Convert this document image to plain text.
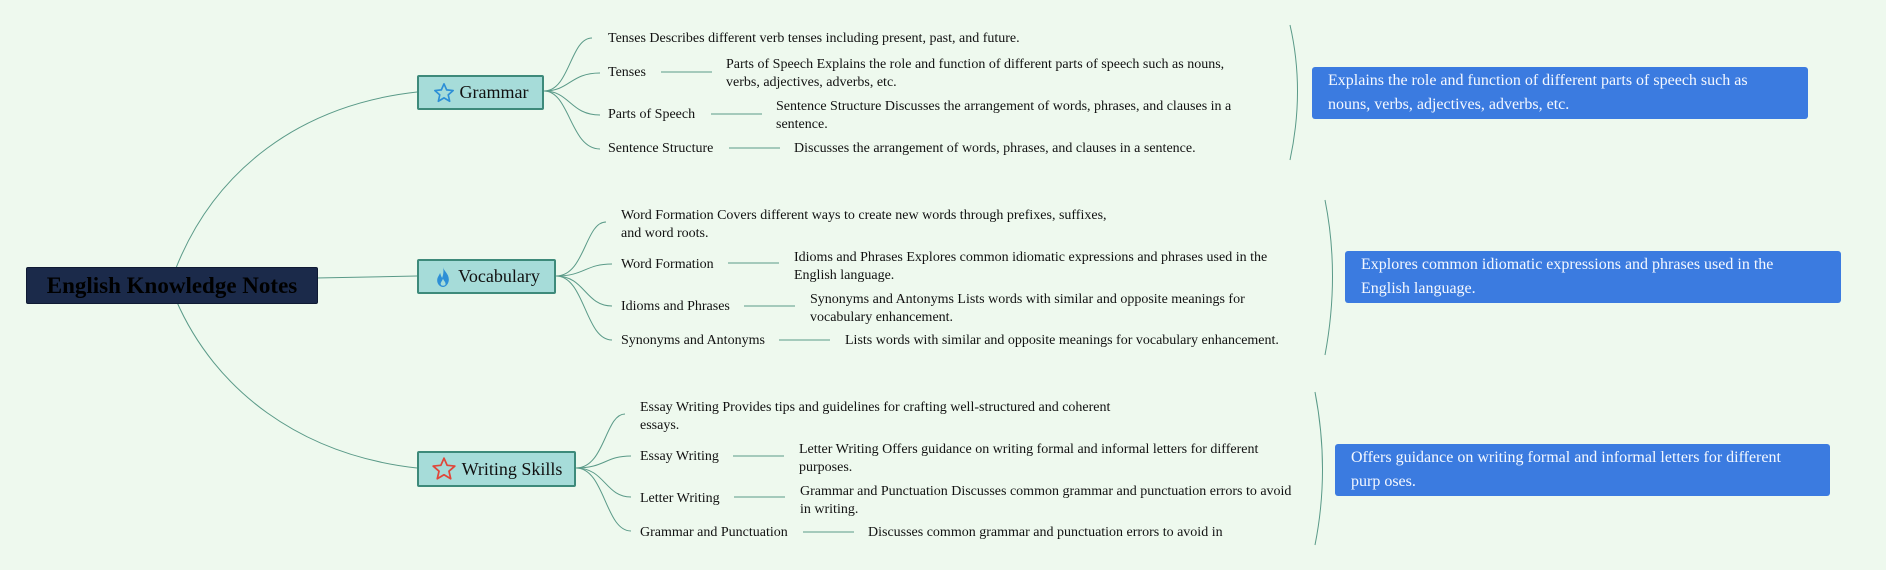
English Knowledge Notes
Grammar
Tenses Describes different verb tenses including present, past, and future.
Tenses
Parts of Speech Explains the role and function of different parts of speech such as nouns, verbs, adjectives, adverbs, etc.
Parts of Speech
Sentence Structure Discusses the arrangement of words, phrases, and clauses in a sentence.
Sentence Structure	Discusses the arrangement of words, phrases, and clauses in a sentence.
Explains the role and function of different parts of speech such as nouns, verbs, adjectives, adverbs, etc.
Vocabulary
Word Formation Covers different ways to create new words through prefixes, suffixes, and word roots.
Word Formation	Idioms and Phrases Explores common idiomatic expressions and phrases used in the English language.
Idioms and Phrases	Synonyms and Antonyms Lists words with similar and opposite meanings for vocabulary enhancement.
Synonyms and Antonyms	Lists words with similar and opposite meanings for vocabulary enhancement.
Explores common idiomatic expressions and phrases used in the English language.
Writing Skills
Essay Writing Provides tips and guidelines for crafting well-structured and coherent essays.
Essay Writing	Letter Writing Offers guidance on writing formal and informal letters for different purposes.
Letter Writing	Grammar and Punctuation Discusses common grammar and punctuation errors to avoid in writing.
Grammar and Punctuation	Discusses common grammar and punctuation errors to avoid in
Offers guidance on writing formal and informal letters for different purp oses.
